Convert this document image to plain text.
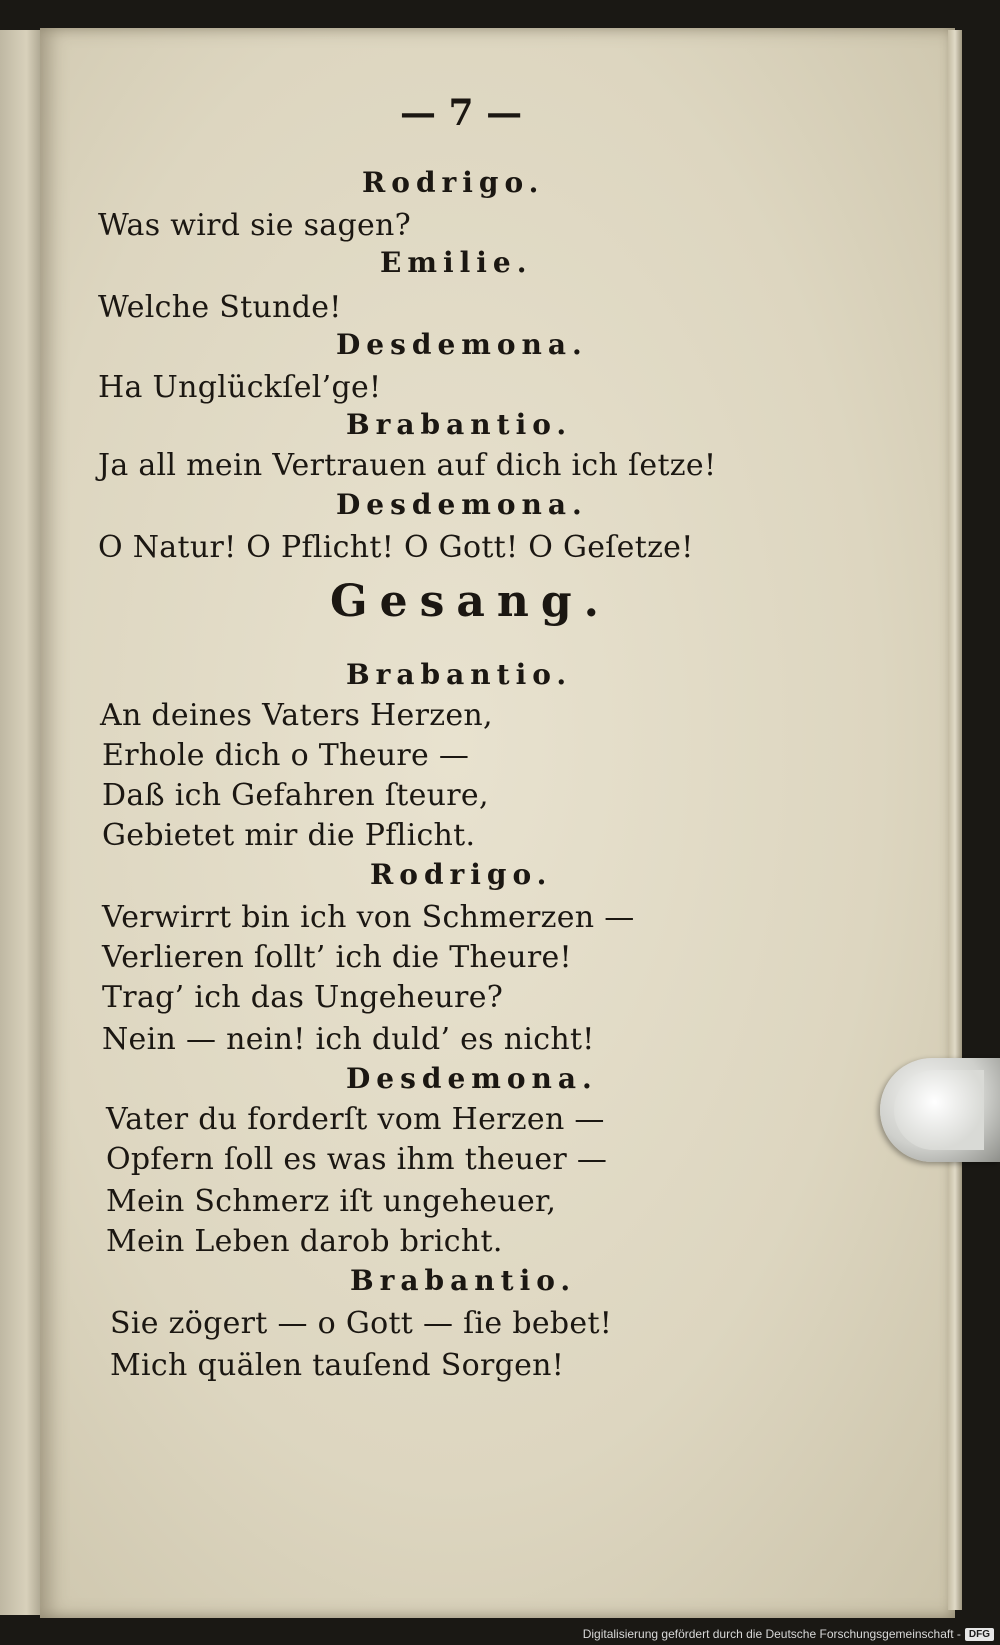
— 7 —
Rodrigo.
Was wird sie sagen?
Emilie.
Welche Stunde!
Desdemona.
Ha Unglückſel’ge!
Brabantio.
Ja all mein Vertrauen auf dich ich ſetze!
Desdemona.
O Natur! O Pflicht! O Gott! O Geſetze!
Gesang.
Brabantio.
An deines Vaters Herzen,
Erhole dich o Theure —
Daß ich Gefahren ſteure,
Gebietet mir die Pflicht.
Rodrigo.
Verwirrt bin ich von Schmerzen —
Verlieren ſollt’ ich die Theure!
Trag’ ich das Ungeheure?
Nein — nein! ich duld’ es nicht!
Desdemona.
Vater du forderſt vom Herzen —
Opfern ſoll es was ihm theuer —
Mein Schmerz iſt ungeheuer,
Mein Leben darob bricht.
Brabantio.
Sie zögert — o Gott — ſie bebet!
Mich quälen tauſend Sorgen!
Digitalisierung gefördert durch die Deutsche Forschungsgemeinschaft - DFG
